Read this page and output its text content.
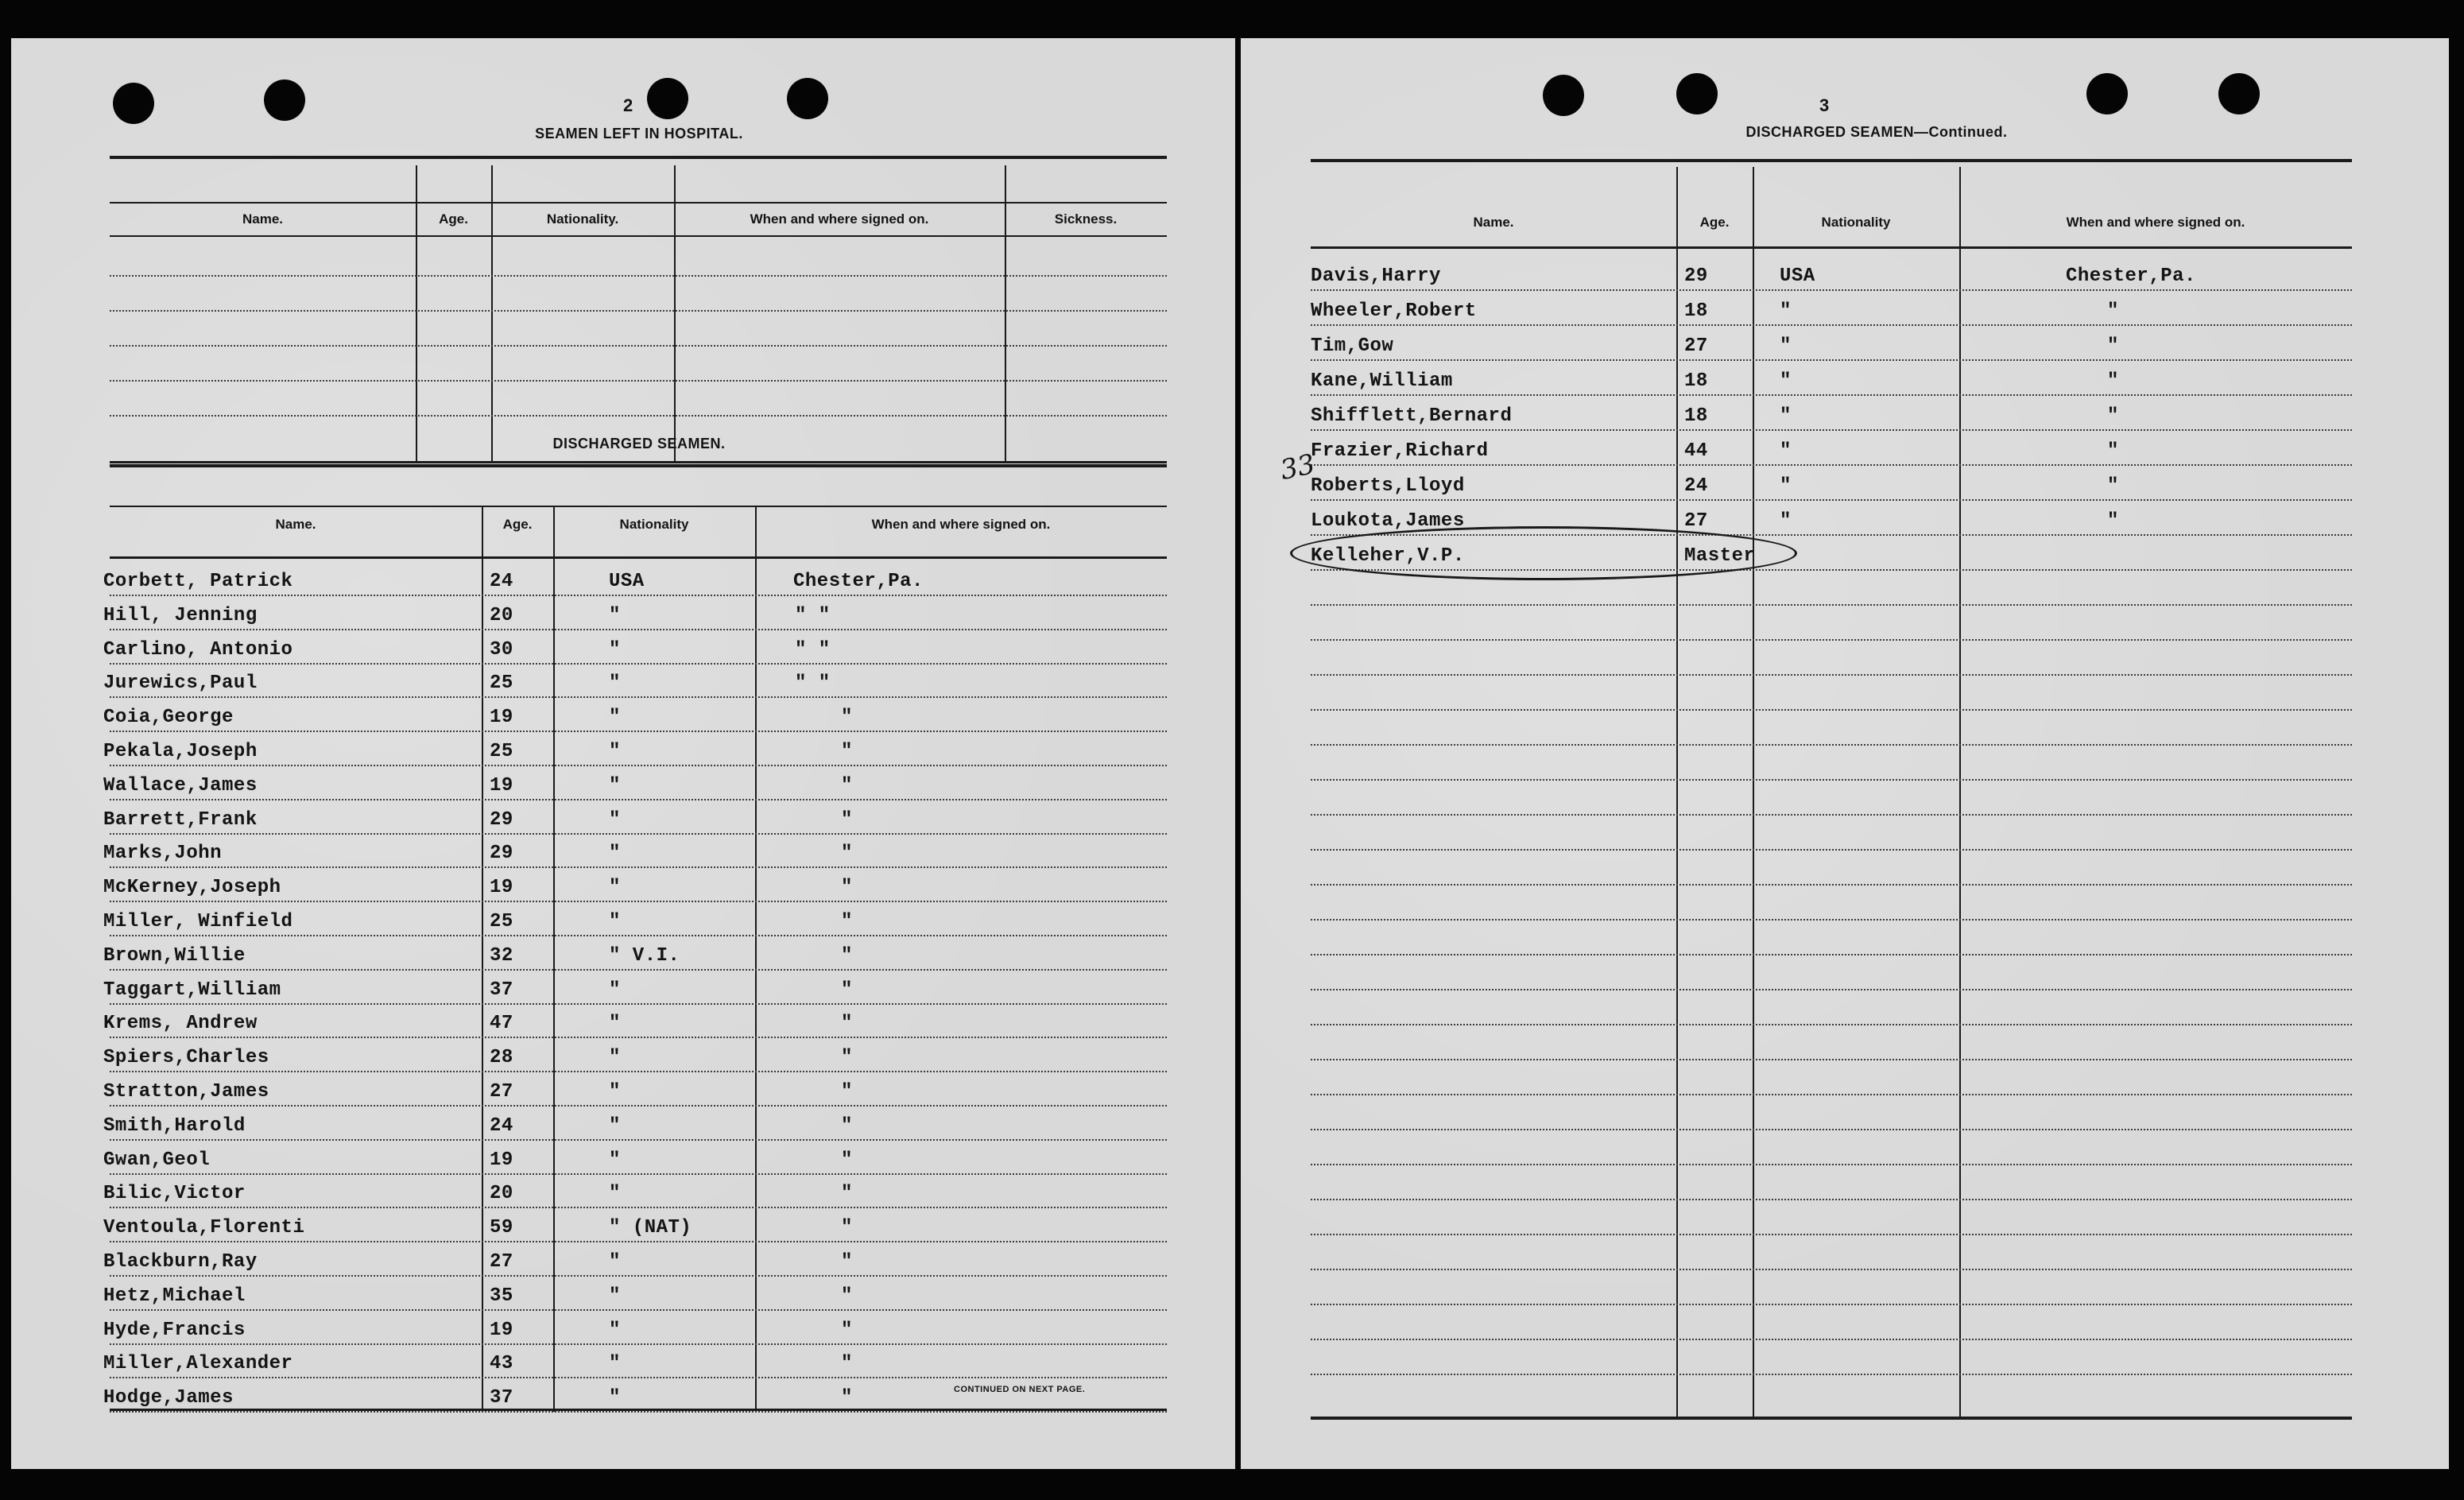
2
SEAMEN LEFT IN HOSPITAL.
Name.	Age.	Nationality.	When and where signed on.	Sickness.
DISCHARGED SEAMEN.
Name.	Age.	Nationality	When and where signed on.
Corbett, Patrick	24	USA	Chester,Pa.
Hill, Jenning	20	"	" "
Carlino, Antonio	30	"	" "
Jurewics,Paul	25	"	" "
Coia,George	19	"	"
Pekala,Joseph	25	"	"
Wallace,James	19	"	"
Barrett,Frank	29	"	"
Marks,John	29	"	"
McKerney,Joseph	19	"	"
Miller, Winfield	25	"	"
Brown,Willie	32	" V.I.	"
Taggart,William	37	"	"
Krems, Andrew	47	"	"
Spiers,Charles	28	"	"
Stratton,James	27	"	"
Smith,Harold	24	"	"
Gwan,Geol	19	"	"
Bilic,Victor	20	"	"
Ventoula,Florenti	59	" (NAT)	"
Blackburn,Ray	27	"	"
Hetz,Michael	35	"	"
Hyde,Francis	19	"	"
Miller,Alexander	43	"	"
Hodge,James	37	"	"	CONTINUED ON NEXT PAGE.
3
DISCHARGED SEAMEN—Continued.
Name.	Age.	Nationality	When and where signed on.
Davis,Harry	29	USA	Chester,Pa.
Wheeler,Robert	18	"	"
Tim,Gow	27	"	"
Kane,William	18	"	"
Shifflett,Bernard	18	"	"
Frazier,Richard	44	"	"
Roberts,Lloyd	24	"	"
Loukota,James	27	"	"
Kelleher,V.P.	Master
33
